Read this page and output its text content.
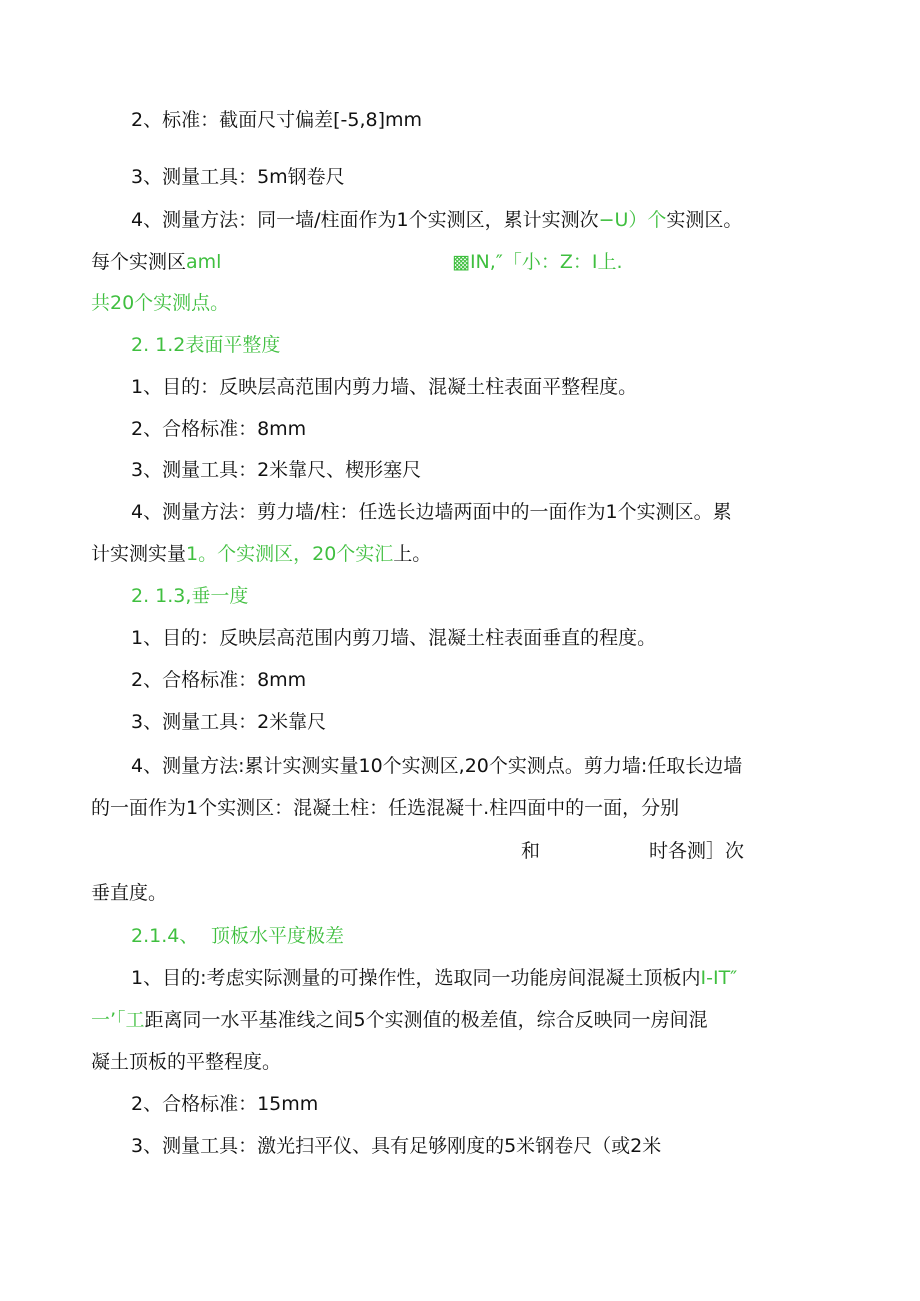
2、标准：截面尺寸偏差[-5,8]mm
3、测量工具：5m钢卷尺
4、测量方法：同一墙/柱面作为1个实测区，累计实测次−U）个实测区。
每个实测区aml	▩IN,″「小：Z：I上.
共20个实测点。
2. 1.2表面平整度
1、目的：反映层高范围内剪力墙、混凝土柱表面平整程度。
2、合格标准：8mm
3、测量工具：2米靠尺、楔形塞尺
4、测量方法：剪力墙/柱：任选长边墙两面中的一面作为1个实测区。累
计实测实量1。个实测区，20个实汇上。
2. 1.3,垂一度
1、目的：反映层高范围内剪刀墙、混凝土柱表面垂直的程度。
2、合格标准：8mm
3、测量工具：2米靠尺
4、测量方法:累计实测实量10个实测区,20个实测点。剪力墙:任取长边墙
的一面作为1个实测区：混凝土柱：任选混凝十.柱四面中的一面，分别
和	时各测］次
垂直度。
2.1.4、 顶板水平度极差
1、目的:考虑实际测量的可操作性，选取同一功能房间混凝土顶板内I-IT″
一’「工距离同一水平基准线之间5个实测值的极差值，综合反映同一房间混
凝土顶板的平整程度。
2、合格标准：15mm
3、测量工具：激光扫平仪、具有足够刚度的5米钢卷尺（或2米
